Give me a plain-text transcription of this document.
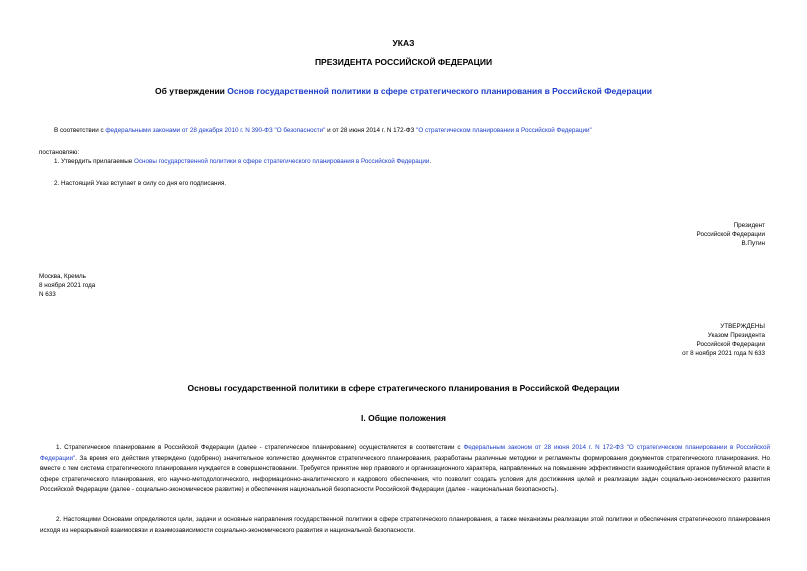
УКАЗ
ПРЕЗИДЕНТА РОССИЙСКОЙ ФЕДЕРАЦИИ
Об утверждении Основ государственной политики в сфере стратегического планирования в Российской Федерации
В соответствии с федеральными законами от 28 декабря 2010 г. N 390-ФЗ "О безопасности" и от 28 июня 2014 г. N 172-ФЗ "О стратегическом планировании в Российской Федерации"
постановляю:
1. Утвердить прилагаемые Основы государственной политики в сфере стратегического планирования в Российской Федерации.
2. Настоящий Указ вступает в силу со дня его подписания.
Президент
Российской Федерации
В.Путин
Москва, Кремль
8 ноября 2021 года
N 633
УТВЕРЖДЕНЫ
Указом Президента
Российской Федерации
от 8 ноября 2021 года N 633
Основы государственной политики в сфере стратегического планирования в Российской Федерации
I. Общие положения
1. Стратегическое планирование в Российской Федерации (далее - стратегическое планирование) осуществляется в соответствии с Федеральным законом от 28 июня 2014 г. N 172-ФЗ "О стратегическом планировании в Российской Федерации". За время его действия утверждено (одобрено) значительное количество документов стратегического планирования, разработаны различные методики и регламенты формирования документов стратегического планирования. Но вместе с тем система стратегического планирования нуждается в совершенствовании. Требуется принятие мер правового и организационного характера, направленных на повышение эффективности взаимодействия органов публичной власти в сфере стратегического планирования, его научно-методологического, информационно-аналитического и кадрового обеспечения, что позволит создать условия для достижения целей и реализации задач социально-экономического развития Российской Федерации (далее - социально-экономическое развитие) и обеспечения национальной безопасности Российской Федерации (далее - национальная безопасность).
2. Настоящими Основами определяются цели, задачи и основные направления государственной политики в сфере стратегического планирования, а также механизмы реализации этой политики и обеспечения стратегического планирования исходя из неразрывной взаимосвязи и взаимозависимости социально-экономического развития и национальной безопасности.
